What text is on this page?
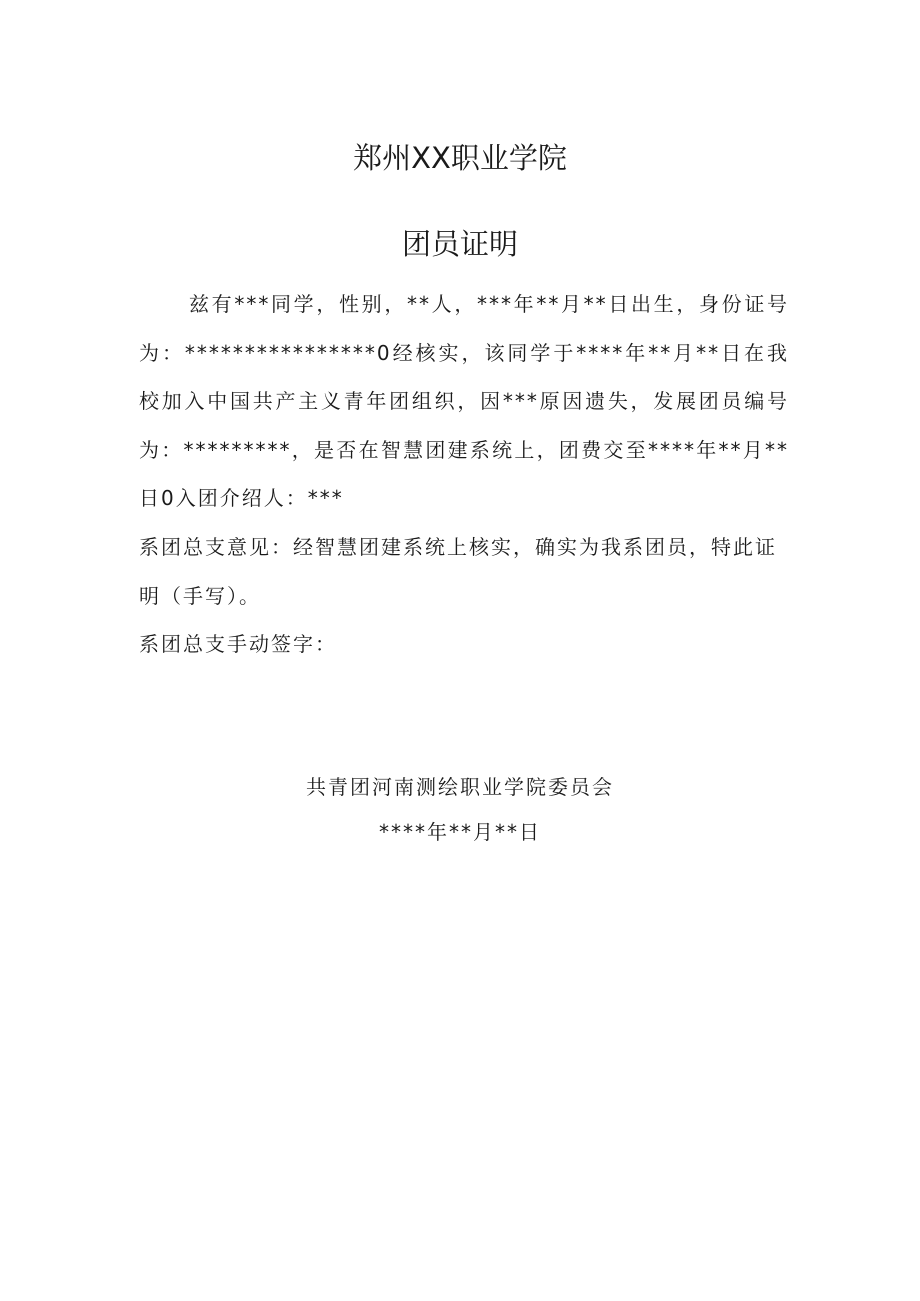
郑州XX职业学院
团员证明

兹有***同学，性别，**人，***年**月**日出生，身份证号为：****************0经核实，该同学于****年**月**日在我校加入中国共产主义青年团组织，因***原因遗失，发展团员编号为：*********，是否在智慧团建系统上，团费交至****年**月**日0入团介绍人：***

系团总支意见：经智慧团建系统上核实，确实为我系团员，特此证明（手写）。

系团总支手动签字：

共青团河南测绘职业学院委员会
****年**月**日
